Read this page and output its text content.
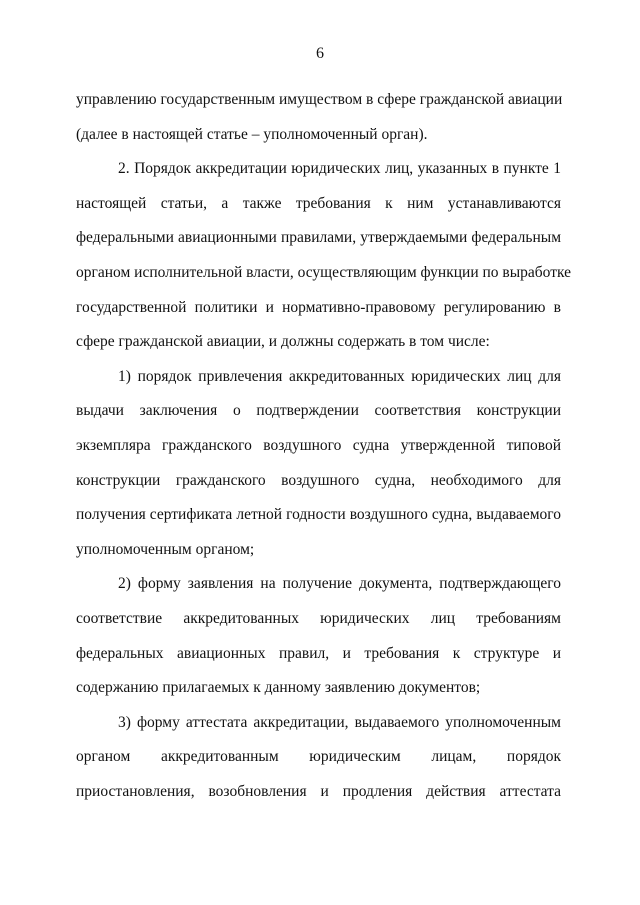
6
управлению государственным имуществом в сфере гражданской авиации
(далее в настоящей статье – уполномоченный орган).
2. Порядок аккредитации юридических лиц, указанных в пункте 1
настоящей статьи, а также требования к ним устанавливаются
федеральными авиационными правилами, утверждаемыми федеральным
органом исполнительной власти, осуществляющим функции по выработке
государственной политики и нормативно-правовому регулированию в
сфере гражданской авиации, и должны содержать в том числе:
1) порядок привлечения аккредитованных юридических лиц для
выдачи заключения о подтверждении соответствия конструкции
экземпляра гражданского воздушного судна утвержденной типовой
конструкции гражданского воздушного судна, необходимого для
получения сертификата летной годности воздушного судна, выдаваемого
уполномоченным органом;
2) форму заявления на получение документа, подтверждающего
соответствие аккредитованных юридических лиц требованиям
федеральных авиационных правил, и требования к структуре и
содержанию прилагаемых к данному заявлению документов;
3) форму аттестата аккредитации, выдаваемого уполномоченным
органом аккредитованным юридическим лицам, порядок
приостановления, возобновления и продления действия аттестата
